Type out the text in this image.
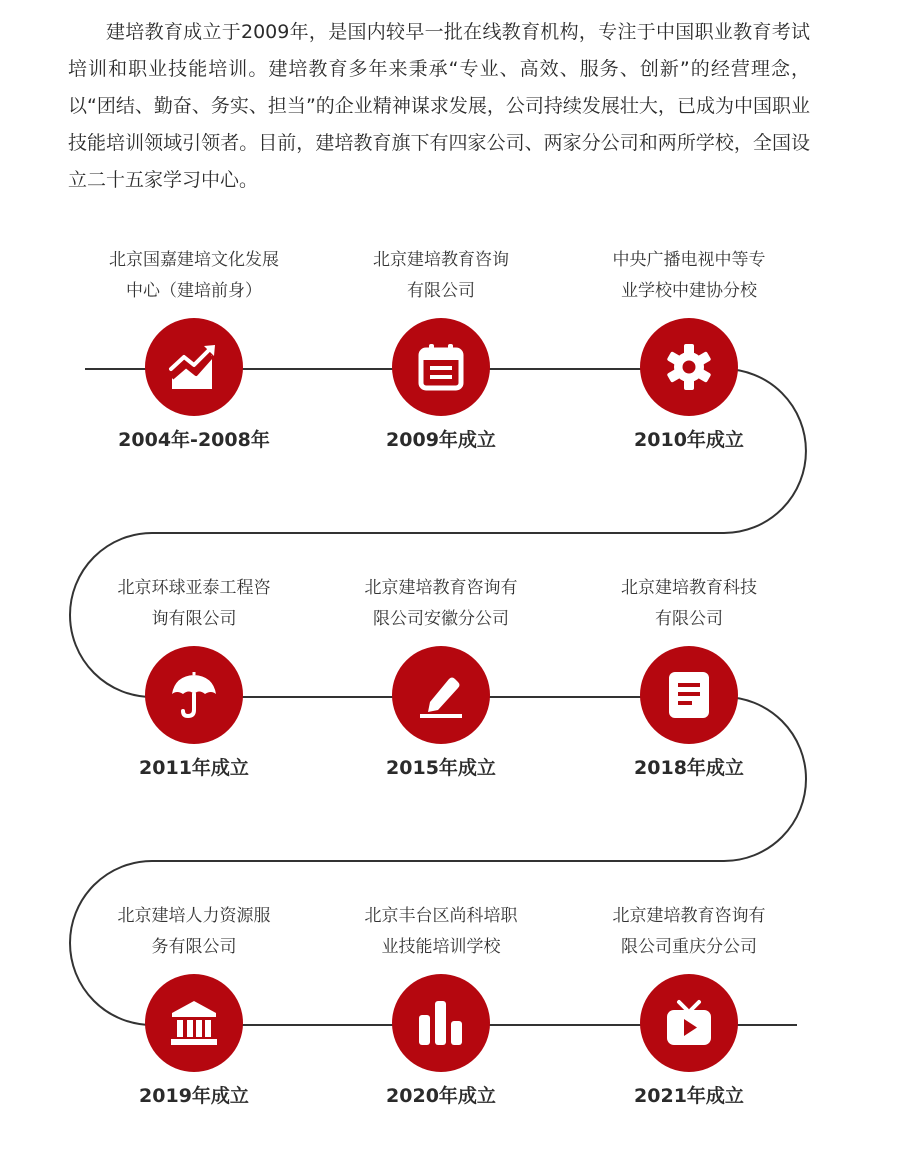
建培教育成立于2009年，是国内较早一批在线教育机构，专注于中国职业教育考试培训和职业技能培训。建培教育多年来秉承“专业、高效、服务、创新”的经营理念，以“团结、勤奋、务实、担当”的企业精神谋求发展，公司持续发展壮大，已成为中国职业技能培训领域引领者。目前，建培教育旗下有四家公司、两家分公司和两所学校，全国设立二十五家学习中心。

北京国嘉建培文化发展
中心（建培前身）
2004年-2008年
北京建培教育咨询
有限公司
2009年成立
中央广播电视中等专
业学校中建协分校
2010年成立
北京环球亚泰工程咨
询有限公司
2011年成立
北京建培教育咨询有
限公司安徽分公司
2015年成立
北京建培教育科技
有限公司
2018年成立
北京建培人力资源服
务有限公司
2019年成立
北京丰台区尚科培职
业技能培训学校
2020年成立
北京建培教育咨询有
限公司重庆分公司
2021年成立
